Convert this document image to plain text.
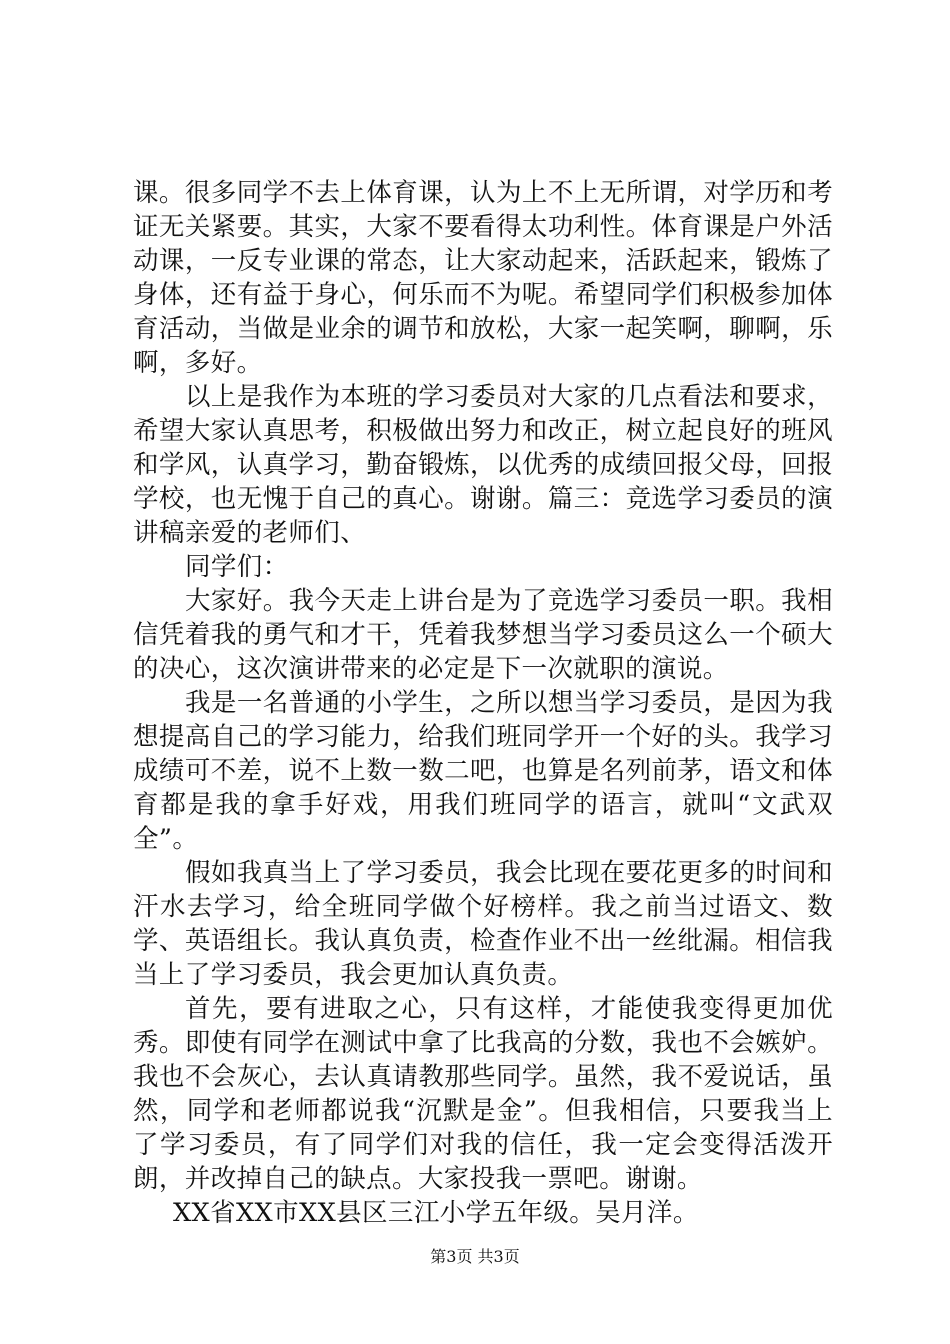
课。很多同学不去上体育课，认为上不上无所谓，对学历和考证无关紧要。其实，大家不要看得太功利性。体育课是户外活动课，一反专业课的常态，让大家动起来，活跃起来，锻炼了身体，还有益于身心，何乐而不为呢。希望同学们积极参加体育活动，当做是业余的调节和放松，大家一起笑啊，聊啊，乐啊，多好。

以上是我作为本班的学习委员对大家的几点看法和要求，希望大家认真思考，积极做出努力和改正，树立起良好的班风和学风，认真学习，勤奋锻炼，以优秀的成绩回报父母，回报学校，也无愧于自己的真心。谢谢。篇三：竞选学习委员的演讲稿亲爱的老师们、

同学们：

大家好。我今天走上讲台是为了竞选学习委员一职。我相信凭着我的勇气和才干，凭着我梦想当学习委员这么一个硕大的决心，这次演讲带来的必定是下一次就职的演说。

我是一名普通的小学生，之所以想当学习委员，是因为我想提高自己的学习能力，给我们班同学开一个好的头。我学习成绩可不差，说不上数一数二吧，也算是名列前茅，语文和体育都是我的拿手好戏，用我们班同学的语言，就叫“文武双全”。

假如我真当上了学习委员，我会比现在要花更多的时间和汗水去学习，给全班同学做个好榜样。我之前当过语文、数学、英语组长。我认真负责，检查作业不出一丝纰漏。相信我当上了学习委员，我会更加认真负责。

首先，要有进取之心，只有这样，才能使我变得更加优秀。即使有同学在测试中拿了比我高的分数，我也不会嫉妒。我也不会灰心，去认真请教那些同学。虽然，我不爱说话，虽然，同学和老师都说我“沉默是金”。但我相信，只要我当上了学习委员，有了同学们对我的信任，我一定会变得活泼开朗，并改掉自己的缺点。大家投我一票吧。谢谢。

XX省XX市XX县区三江小学五年级。吴月洋。

第3页 共3页
